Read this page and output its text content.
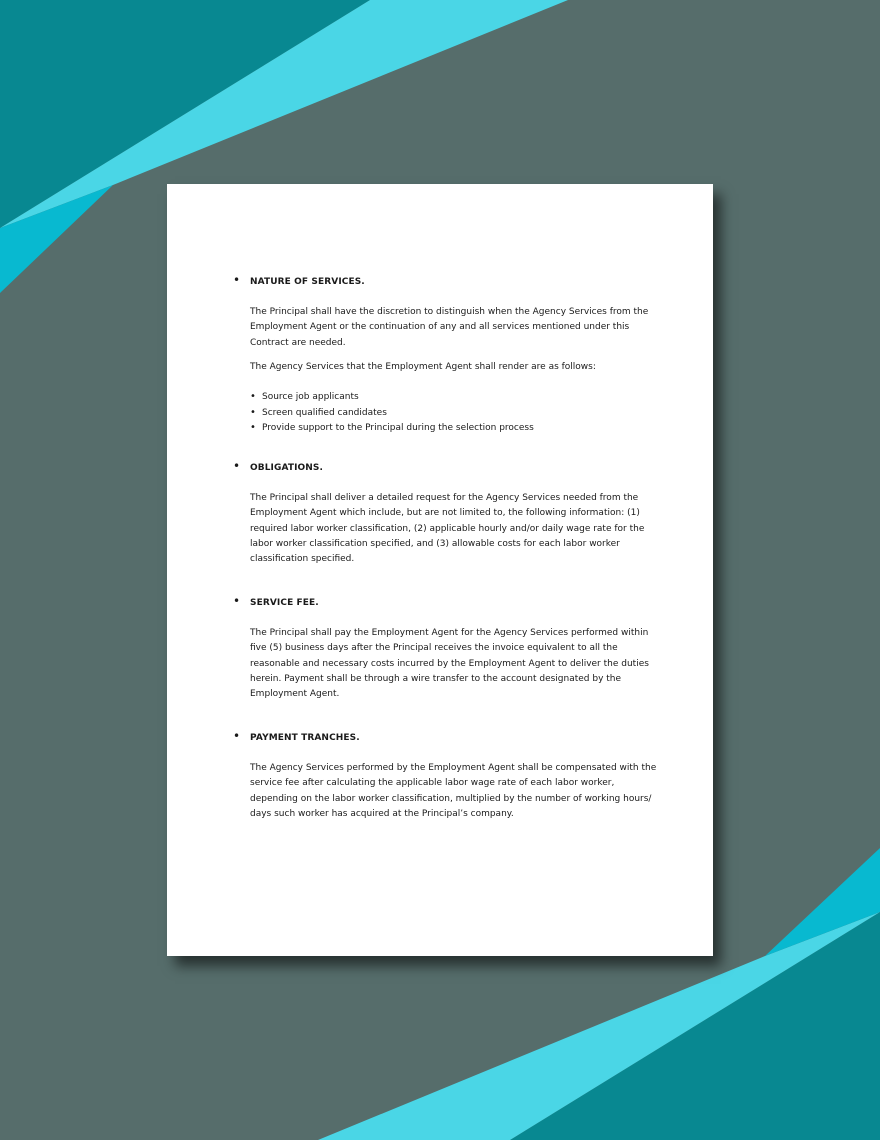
• NATURE OF SERVICES.

The Principal shall have the discretion to distinguish when the Agency Services from the Employment Agent or the continuation of any and all services mentioned under this Contract are needed.

The Agency Services that the Employment Agent shall render are as follows:

• Source job applicants
• Screen qualified candidates
• Provide support to the Principal during the selection process
• OBLIGATIONS.

The Principal shall deliver a detailed request for the Agency Services needed from the Employment Agent which include, but are not limited to, the following information: (1) required labor worker classification, (2) applicable hourly and/or daily wage rate for the labor worker classification specified, and (3) allowable costs for each labor worker classification specified.

• SERVICE FEE.

The Principal shall pay the Employment Agent for the Agency Services performed within five (5) business days after the Principal receives the invoice equivalent to all the reasonable and necessary costs incurred by the Employment Agent to deliver the duties herein. Payment shall be through a wire transfer to the account designated by the Employment Agent.

• PAYMENT TRANCHES.

The Agency Services performed by the Employment Agent shall be compensated with the service fee after calculating the applicable labor wage rate of each labor worker, depending on the labor worker classification, multiplied by the number of working hours/ days such worker has acquired at the Principal’s company.
